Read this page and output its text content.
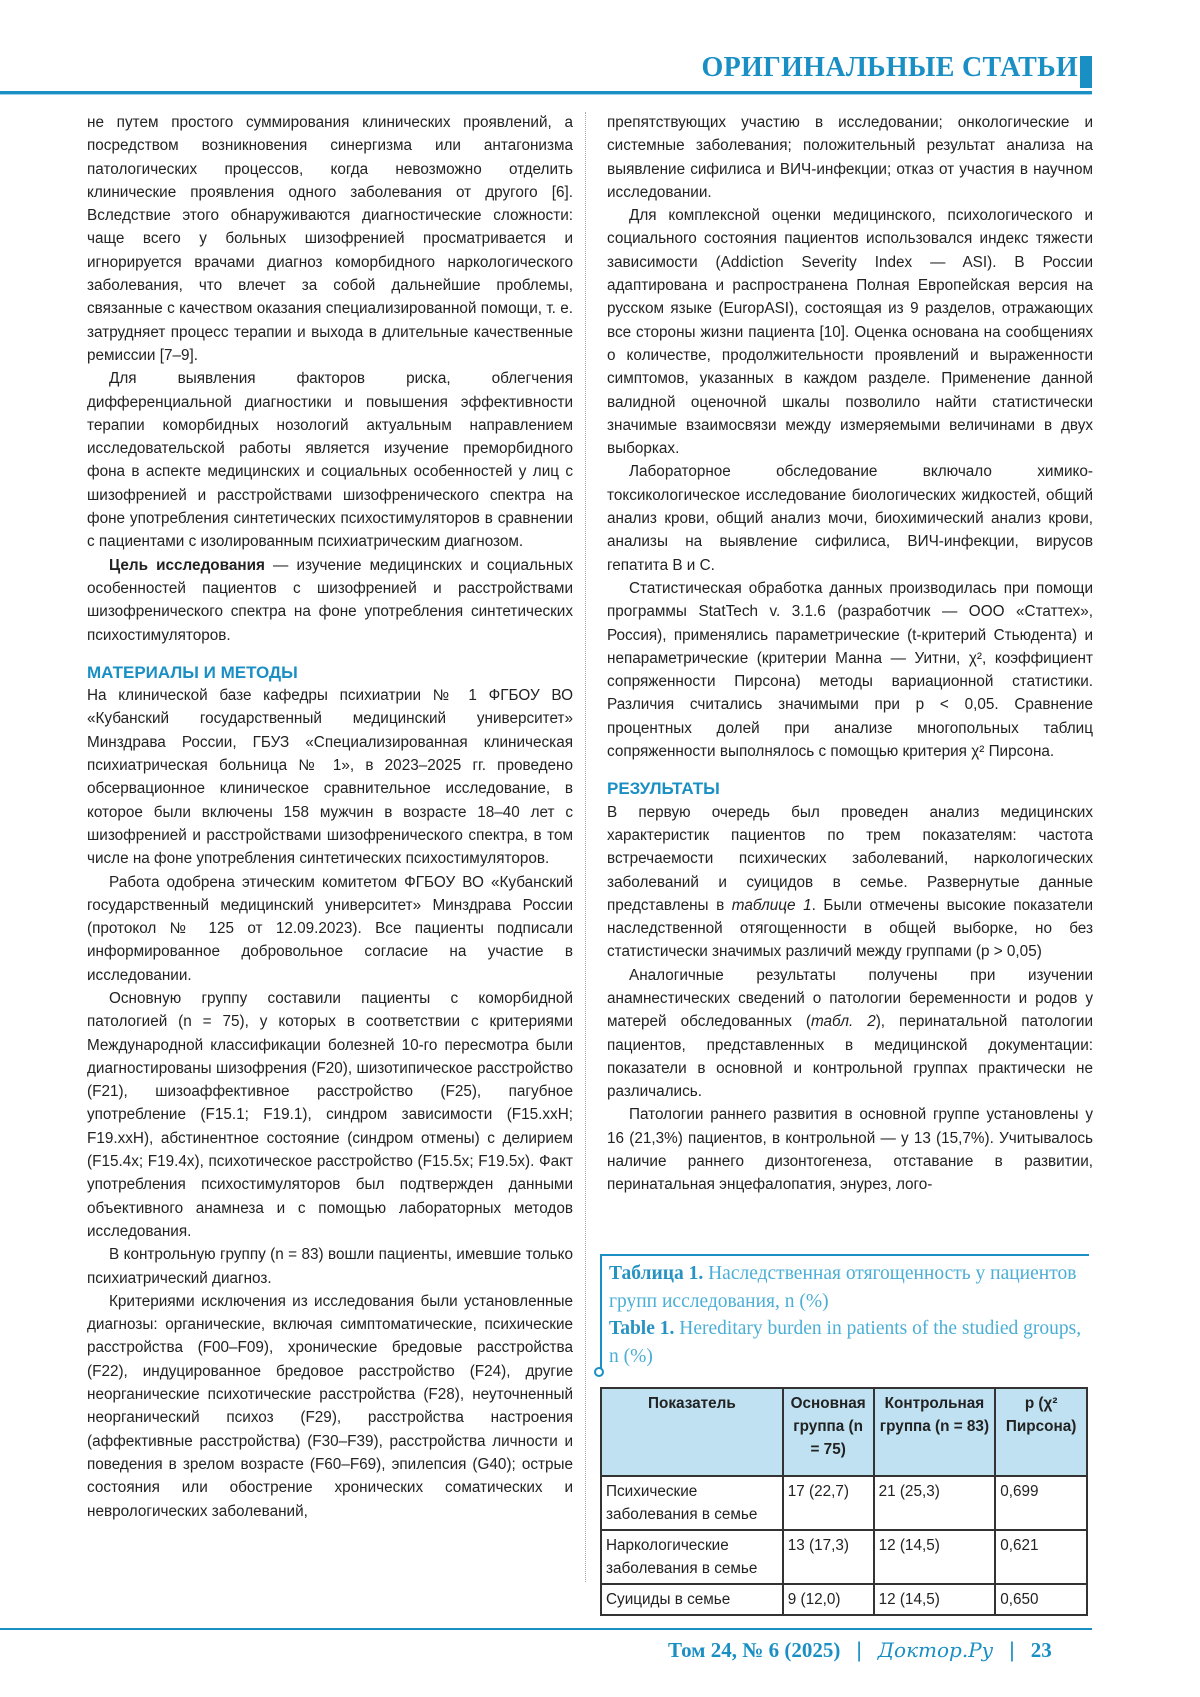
ОРИГИНАЛЬНЫЕ СТАТЬИ

не путем простого суммирования клинических проявлений, а посредством возникновения синергизма или антагонизма патологических процессов, когда невозможно отделить клинические проявления одного заболевания от другого [6]. Вследствие этого обнаруживаются диагностические сложности: чаще всего у больных шизофренией просматривается и игнорируется врачами диагноз коморбидного наркологического заболевания, что влечет за собой дальнейшие проблемы, связанные с качеством оказания специализированной помощи, т. е. затрудняет процесс терапии и выхода в длительные качественные ремиссии [7–9].

Для выявления факторов риска, облегчения дифференциальной диагностики и повышения эффективности терапии коморбидных нозологий актуальным направлением исследовательской работы является изучение преморбидного фона в аспекте медицинских и социальных особенностей у лиц с шизофренией и расстройствами шизофренического спектра на фоне употребления синтетических психостимуляторов в сравнении с пациентами с изолированным психиатрическим диагнозом.

Цель исследования — изучение медицинских и социальных особенностей пациентов с шизофренией и расстройствами шизофренического спектра на фоне употребления синтетических психостимуляторов.

МАТЕРИАЛЫ И МЕТОДЫ

На клинической базе кафедры психиатрии № 1 ФГБОУ ВО «Кубанский государственный медицинский университет» Минздрава России, ГБУЗ «Специализированная клиническая психиатрическая больница № 1», в 2023–2025 гг. проведено обсервационное клиническое сравнительное исследование, в которое были включены 158 мужчин в возрасте 18–40 лет с шизофренией и расстройствами шизофренического спектра, в том числе на фоне употребления синтетических психостимуляторов.

Работа одобрена этическим комитетом ФГБОУ ВО «Кубанский государственный медицинский университет» Минздрава России (протокол № 125 от 12.09.2023). Все пациенты подписали информированное добровольное согласие на участие в исследовании.

Основную группу составили пациенты с коморбидной патологией (n = 75), у которых в соответствии с критериями Международной классификации болезней 10-го пересмотра были диагностированы шизофрения (F20), шизотипическое расстройство (F21), шизоаффективное расстройство (F25), пагубное употребление (F15.1; F19.1), синдром зависимости (F15.xxH; F19.xxH), абстинентное состояние (синдром отмены) с делирием (F15.4x; F19.4x), психотическое расстройство (F15.5x; F19.5x). Факт употребления психостимуляторов был подтвержден данными объективного анамнеза и с помощью лабораторных методов исследования.

В контрольную группу (n = 83) вошли пациенты, имевшие только психиатрический диагноз.

Критериями исключения из исследования были установленные диагнозы: органические, включая симптоматические, психические расстройства (F00–F09), хронические бредовые расстройства (F22), индуцированное бредовое расстройство (F24), другие неорганические психотические расстройства (F28), неуточненный неорганический психоз (F29), расстройства настроения (аффективные расстройства) (F30–F39), расстройства личности и поведения в зрелом возрасте (F60–F69), эпилепсия (G40); острые состояния или обострение хронических соматических и неврологических заболеваний,

препятствующих участию в исследовании; онкологические и системные заболевания; положительный результат анализа на выявление сифилиса и ВИЧ-инфекции; отказ от участия в научном исследовании.

Для комплексной оценки медицинского, психологического и социального состояния пациентов использовался индекс тяжести зависимости (Addiction Severity Index — ASI). В России адаптирована и распространена Полная Европейская версия на русском языке (EuropASI), состоящая из 9 разделов, отражающих все стороны жизни пациента [10]. Оценка основана на сообщениях о количестве, продолжительности проявлений и выраженности симптомов, указанных в каждом разделе. Применение данной валидной оценочной шкалы позволило найти статистически значимые взаимосвязи между измеряемыми величинами в двух выборках.

Лабораторное обследование включало химико-токсикологическое исследование биологических жидкостей, общий анализ крови, общий анализ мочи, биохимический анализ крови, анализы на выявление сифилиса, ВИЧ-инфекции, вирусов гепатита В и С.

Статистическая обработка данных производилась при помощи программы StatTech v. 3.1.6 (разработчик — ООО «Статтех», Россия), применялись параметрические (t-критерий Стьюдента) и непараметрические (критерии Манна — Уитни, χ², коэффициент сопряженности Пирсона) методы вариационной статистики. Различия считались значимыми при p < 0,05. Сравнение процентных долей при анализе многопольных таблиц сопряженности выполнялось с помощью критерия χ² Пирсона.

РЕЗУЛЬТАТЫ

В первую очередь был проведен анализ медицинских характеристик пациентов по трем показателям: частота встречаемости психических заболеваний, наркологических заболеваний и суицидов в семье. Развернутые данные представлены в таблице 1. Были отмечены высокие показатели наследственной отягощенности в общей выборке, но без статистически значимых различий между группами (p > 0,05)

Аналогичные результаты получены при изучении анамнестических сведений о патологии беременности и родов у матерей обследованных (табл. 2), перинатальной патологии пациентов, представленных в медицинской документации: показатели в основной и контрольной группах практически не различались.

Патологии раннего развития в основной группе установлены у 16 (21,3%) пациентов, в контрольной — у 13 (15,7%). Учитывалось наличие раннего дизонтогенеза, отставание в развитии, перинатальная энцефалопатия, энурез, лого-

Таблица 1. Наследственная отягощенность у пациентов групп исследования, n (%)
Table 1. Hereditary burden in patients of the studied groups, n (%)
Показатель	Основная группа (n = 75)	Контрольная группа (n = 83)	p (χ² Пирсона)
Психические заболевания в семье	17 (22,7)	21 (25,3)	0,699
Наркологические заболевания в семье	13 (17,3)	12 (14,5)	0,621
Суициды в семье	9 (12,0)	12 (14,5)	0,650
Том 24, № 6 (2025) | Доктор.Ру | 23
